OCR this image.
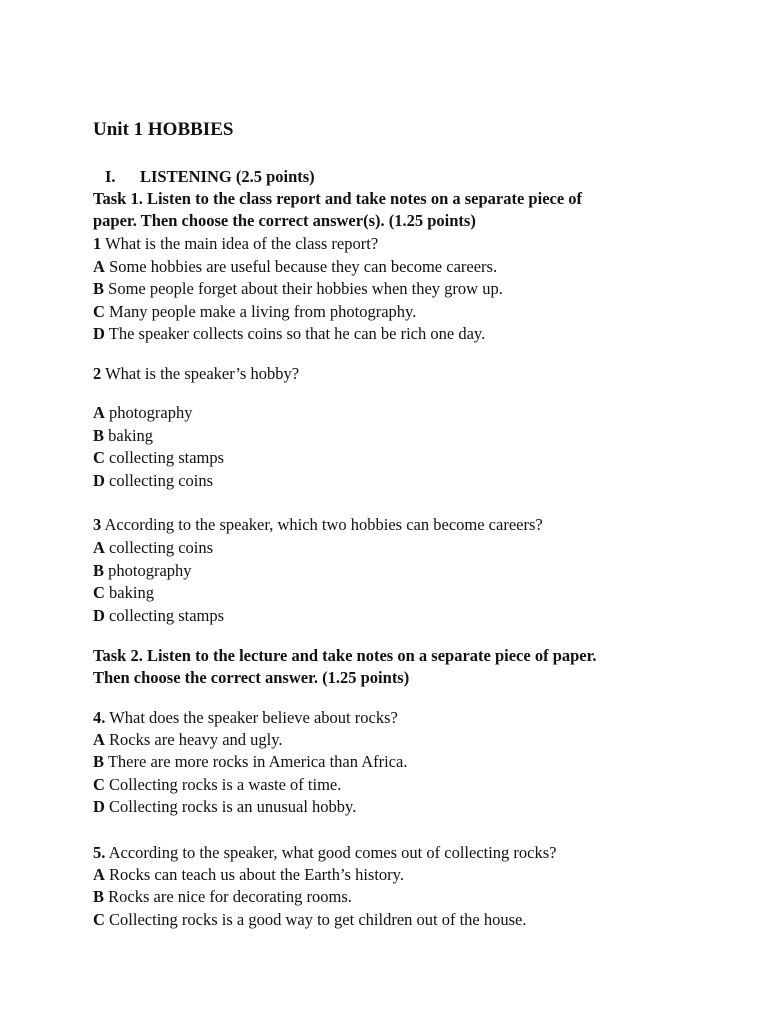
Unit 1 HOBBIES
I. LISTENING (2.5 points)
Task 1. Listen to the class report and take notes on a separate piece of
paper. Then choose the correct answer(s). (1.25 points)
1 What is the main idea of the class report?
A Some hobbies are useful because they can become careers.
B Some people forget about their hobbies when they grow up.
C Many people make a living from photography.
D The speaker collects coins so that he can be rich one day.
2 What is the speaker’s hobby?
A photography
B baking
C collecting stamps
D collecting coins
3 According to the speaker, which two hobbies can become careers?
A collecting coins
B photography
C baking
D collecting stamps
Task 2. Listen to the lecture and take notes on a separate piece of paper.
Then choose the correct answer. (1.25 points)
4. What does the speaker believe about rocks?
A Rocks are heavy and ugly.
B There are more rocks in America than Africa.
C Collecting rocks is a waste of time.
D Collecting rocks is an unusual hobby.
5. According to the speaker, what good comes out of collecting rocks?
A Rocks can teach us about the Earth’s history.
B Rocks are nice for decorating rooms.
C Collecting rocks is a good way to get children out of the house.
